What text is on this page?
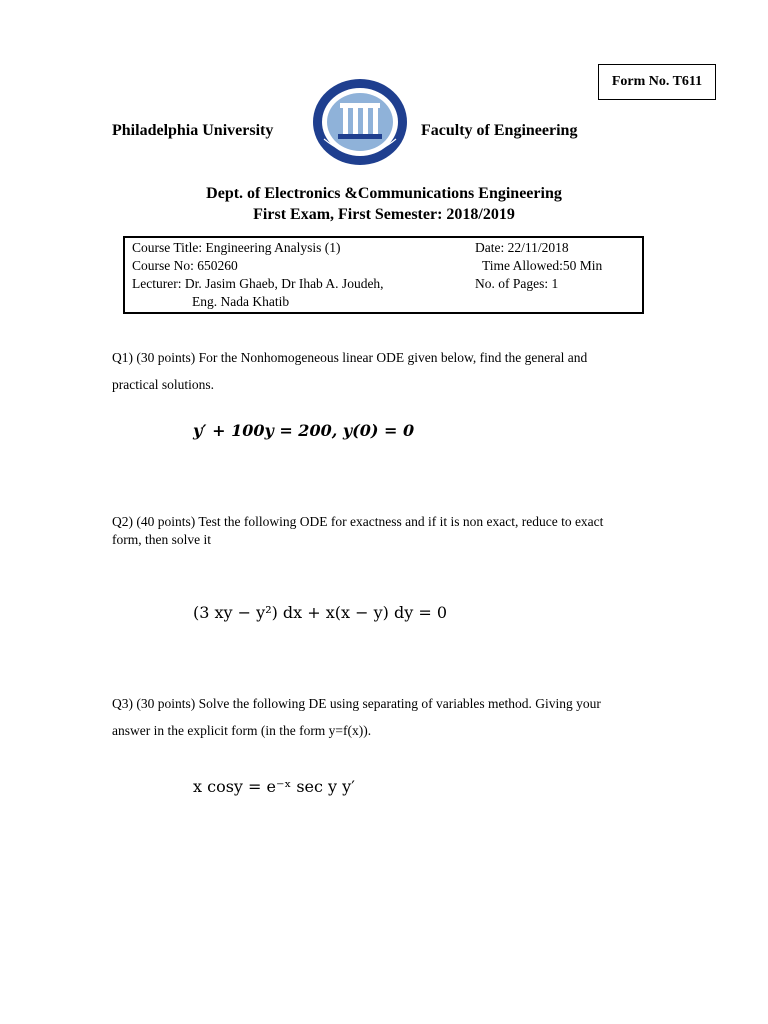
Form No. T611
Philadelphia University	Faculty of Engineering
Dept. of Electronics &Communications Engineering
First Exam, First Semester: 2018/2019
Course Title: Engineering Analysis (1)
Course No: 650260
Lecturer: Dr. Jasim Ghaeb, Dr Ihab A. Joudeh,
Eng. Nada Khatib
Date: 22/11/2018
Time Allowed:50 Min
No. of Pages: 1
Q1) (30 points) For the Nonhomogeneous linear ODE given below, find the general and
practical solutions.
y′ + 100y = 200, y(0) = 0
Q2) (40 points) Test the following ODE for exactness and if it is non exact, reduce to exact
form, then solve it
(3 xy − y²) dx + x(x − y) dy = 0
Q3) (30 points) Solve the following DE using separating of variables method. Giving your
answer in the explicit form (in the form y=f(x)).
x cosy = e⁻ˣ sec y y′
